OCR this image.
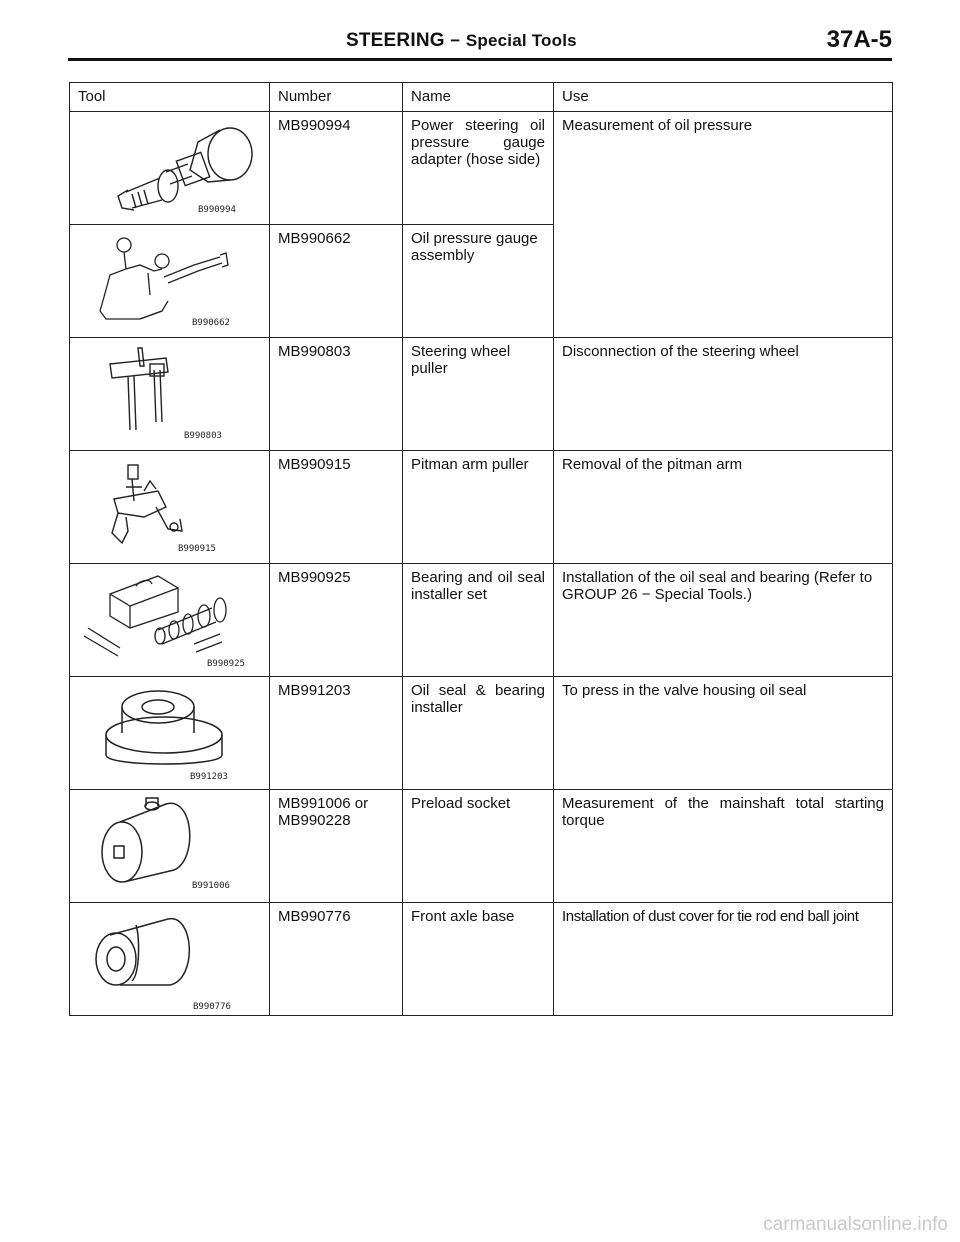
STEERING − Special Tools	37A-5
Tool	Number	Name	Use

B990994	MB990994	Power steering oil pressure gauge adapter (hose side)	Measurement of oil pressure

B990662	MB990662	Oil pressure gauge assembly	

B990803	MB990803	Steering wheel puller	Disconnection of the steering wheel

B990915	MB990915	Pitman arm puller	Removal of the pitman arm

B990925	MB990925	Bearing and oil seal installer set	Installation of the oil seal and bearing (Refer to GROUP 26 − Special Tools.)

B991203	MB991203	Oil seal & bearing installer	To press in the valve housing oil seal

B991006	MB991006 or MB990228	Preload socket	Measurement of the mainshaft total starting torque

B990776	MB990776	Front axle base	Installation of dust cover for tie rod end ball joint
carmanualsonline.info
